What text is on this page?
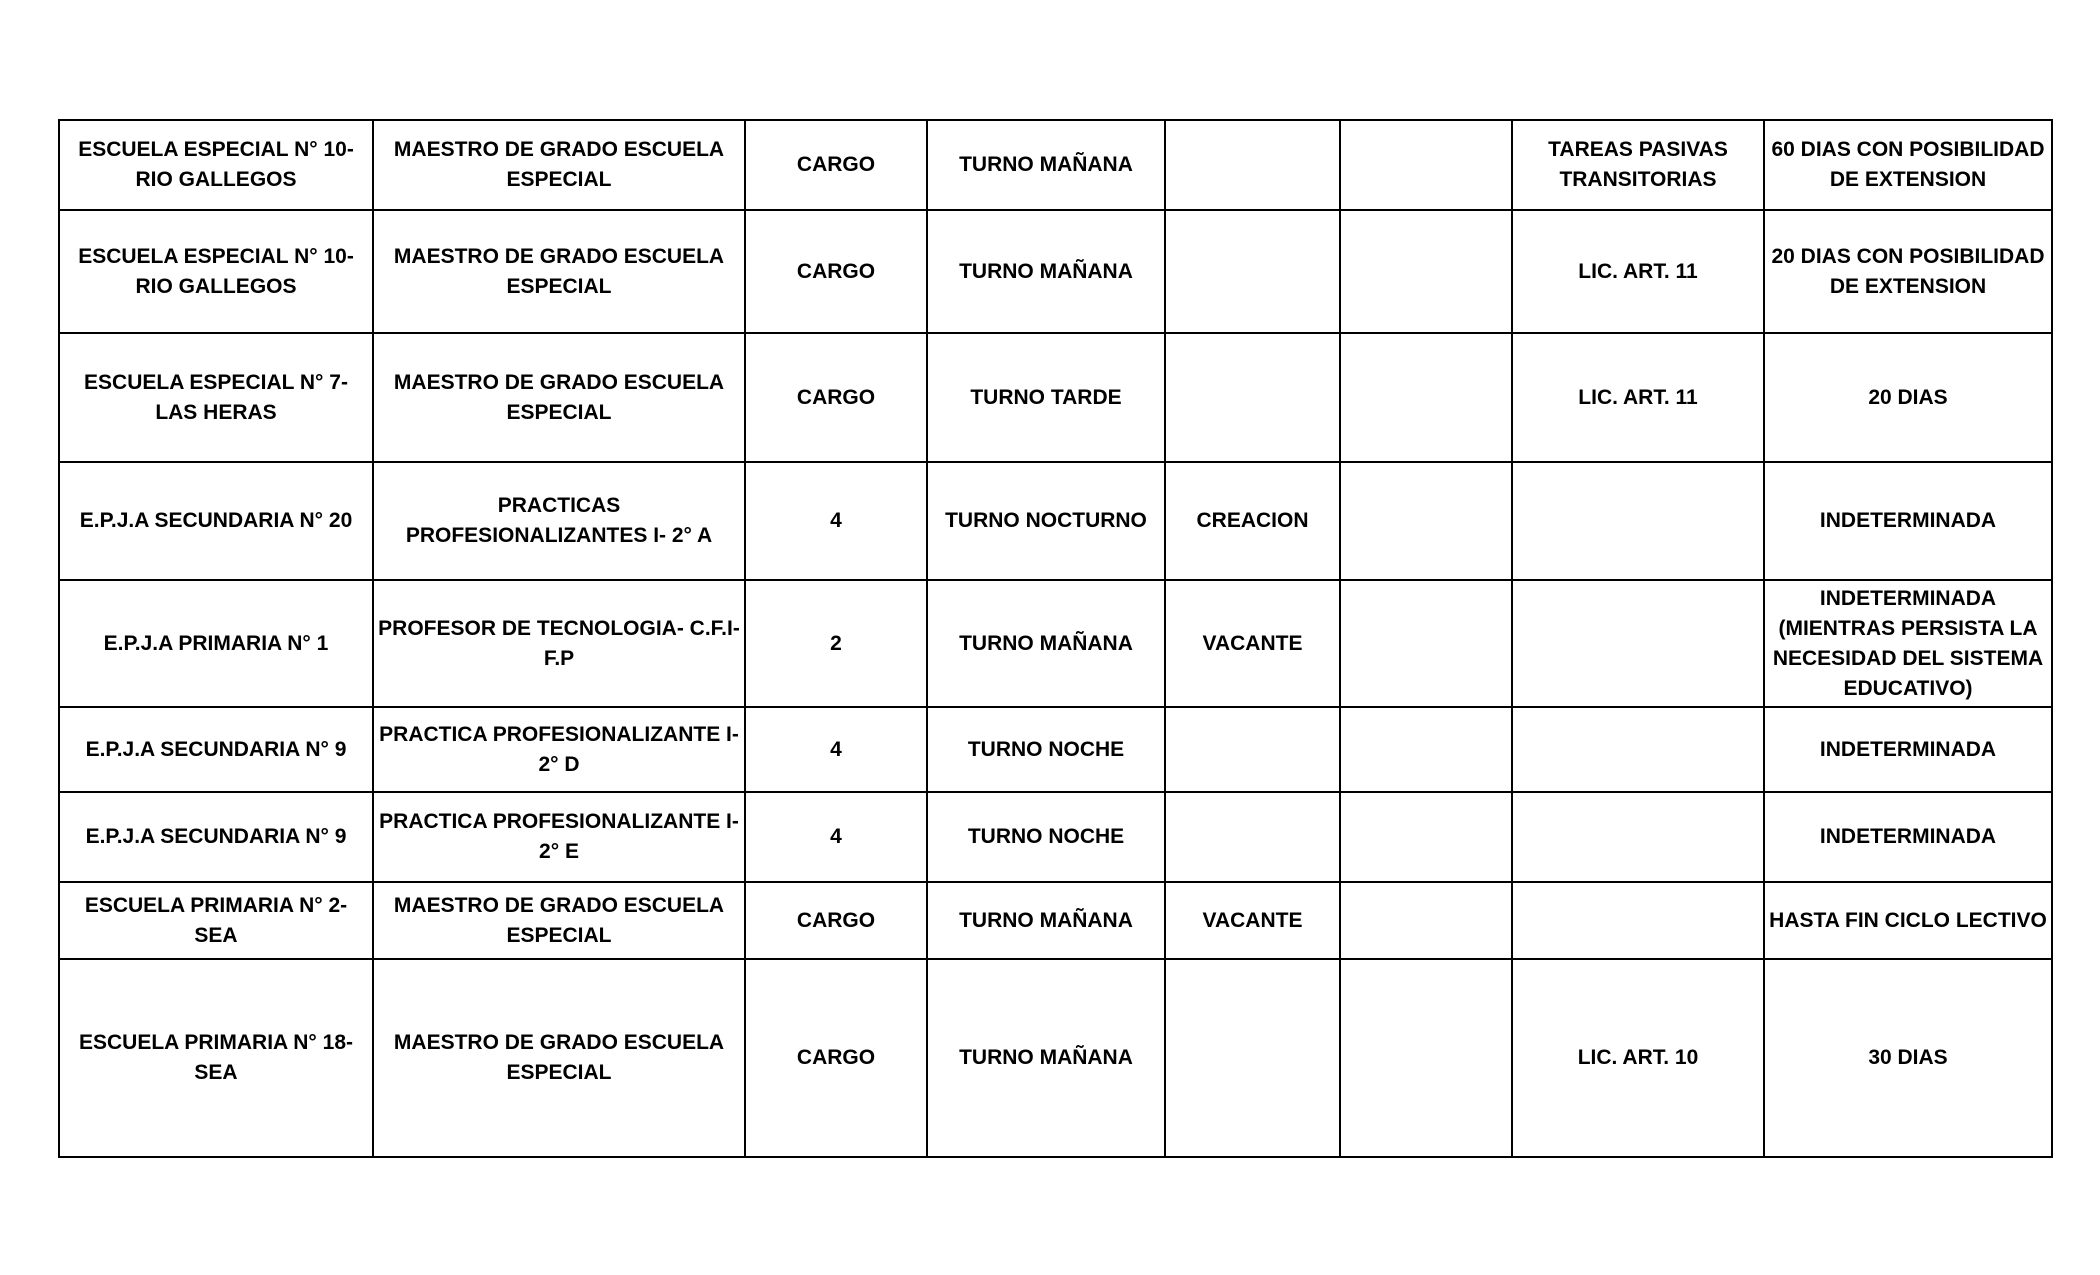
ESCUELA ESPECIAL N° 10- RIO GALLEGOS	MAESTRO DE GRADO ESCUELA ESPECIAL	CARGO	TURNO MAÑANA			TAREAS PASIVAS TRANSITORIAS	60 DIAS CON POSIBILIDAD DE EXTENSION
ESCUELA ESPECIAL N° 10- RIO GALLEGOS	MAESTRO DE GRADO ESCUELA ESPECIAL	CARGO	TURNO MAÑANA			LIC. ART. 11	20 DIAS CON POSIBILIDAD DE EXTENSION
ESCUELA ESPECIAL N° 7- LAS HERAS	MAESTRO DE GRADO ESCUELA ESPECIAL	CARGO	TURNO TARDE			LIC. ART. 11	20 DIAS
E.P.J.A SECUNDARIA N° 20	PRACTICAS PROFESIONALIZANTES I- 2° A	4	TURNO NOCTURNO	CREACION			INDETERMINADA
E.P.J.A PRIMARIA N° 1	PROFESOR DE TECNOLOGIA- C.F.I- F.P	2	TURNO MAÑANA	VACANTE			INDETERMINADA (MIENTRAS PERSISTA LA NECESIDAD DEL SISTEMA EDUCATIVO)
E.P.J.A SECUNDARIA N° 9	PRACTICA PROFESIONALIZANTE I- 2° D	4	TURNO NOCHE				INDETERMINADA
E.P.J.A SECUNDARIA N° 9	PRACTICA PROFESIONALIZANTE I- 2° E	4	TURNO NOCHE				INDETERMINADA
ESCUELA PRIMARIA N° 2- SEA	MAESTRO DE GRADO ESCUELA ESPECIAL	CARGO	TURNO MAÑANA	VACANTE			HASTA FIN CICLO LECTIVO
ESCUELA PRIMARIA N° 18- SEA	MAESTRO DE GRADO ESCUELA ESPECIAL	CARGO	TURNO MAÑANA			LIC. ART. 10	30 DIAS
